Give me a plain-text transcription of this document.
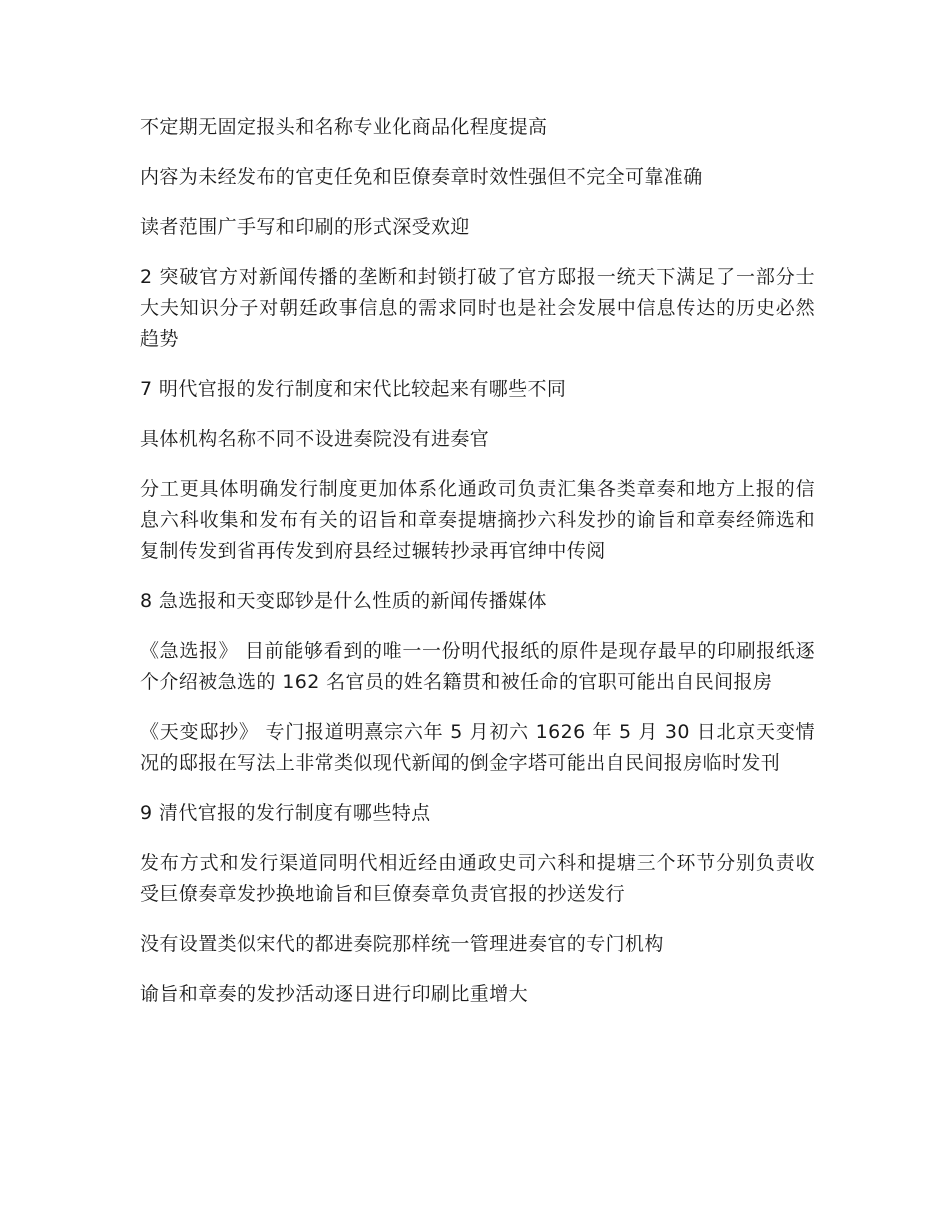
不定期无固定报头和名称专业化商品化程度提高

内容为未经发布的官吏任免和臣僚奏章时效性强但不完全可靠准确

读者范围广手写和印刷的形式深受欢迎

2 突破官方对新闻传播的垄断和封锁打破了官方邸报一统天下满足了一部分士大夫知识分子对朝廷政事信息的需求同时也是社会发展中信息传达的历史必然趋势

7 明代官报的发行制度和宋代比较起来有哪些不同

具体机构名称不同不设进奏院没有进奏官

分工更具体明确发行制度更加体系化通政司负责汇集各类章奏和地方上报的信息六科收集和发布有关的诏旨和章奏提塘摘抄六科发抄的谕旨和章奏经筛选和复制传发到省再传发到府县经过辗转抄录再官绅中传阅

8 急选报和天变邸钞是什么性质的新闻传播媒体

《急选报》 目前能够看到的唯一一份明代报纸的原件是现存最早的印刷报纸逐个介绍被急选的 162 名官员的姓名籍贯和被任命的官职可能出自民间报房

《天变邸抄》 专门报道明熹宗六年 5 月初六 1626 年 5 月 30 日北京天变情况的邸报在写法上非常类似现代新闻的倒金字塔可能出自民间报房临时发刊

9 清代官报的发行制度有哪些特点

发布方式和发行渠道同明代相近经由通政史司六科和提塘三个环节分别负责收受巨僚奏章发抄换地谕旨和巨僚奏章负责官报的抄送发行

没有设置类似宋代的都进奏院那样统一管理进奏官的专门机构

谕旨和章奏的发抄活动逐日进行印刷比重增大
